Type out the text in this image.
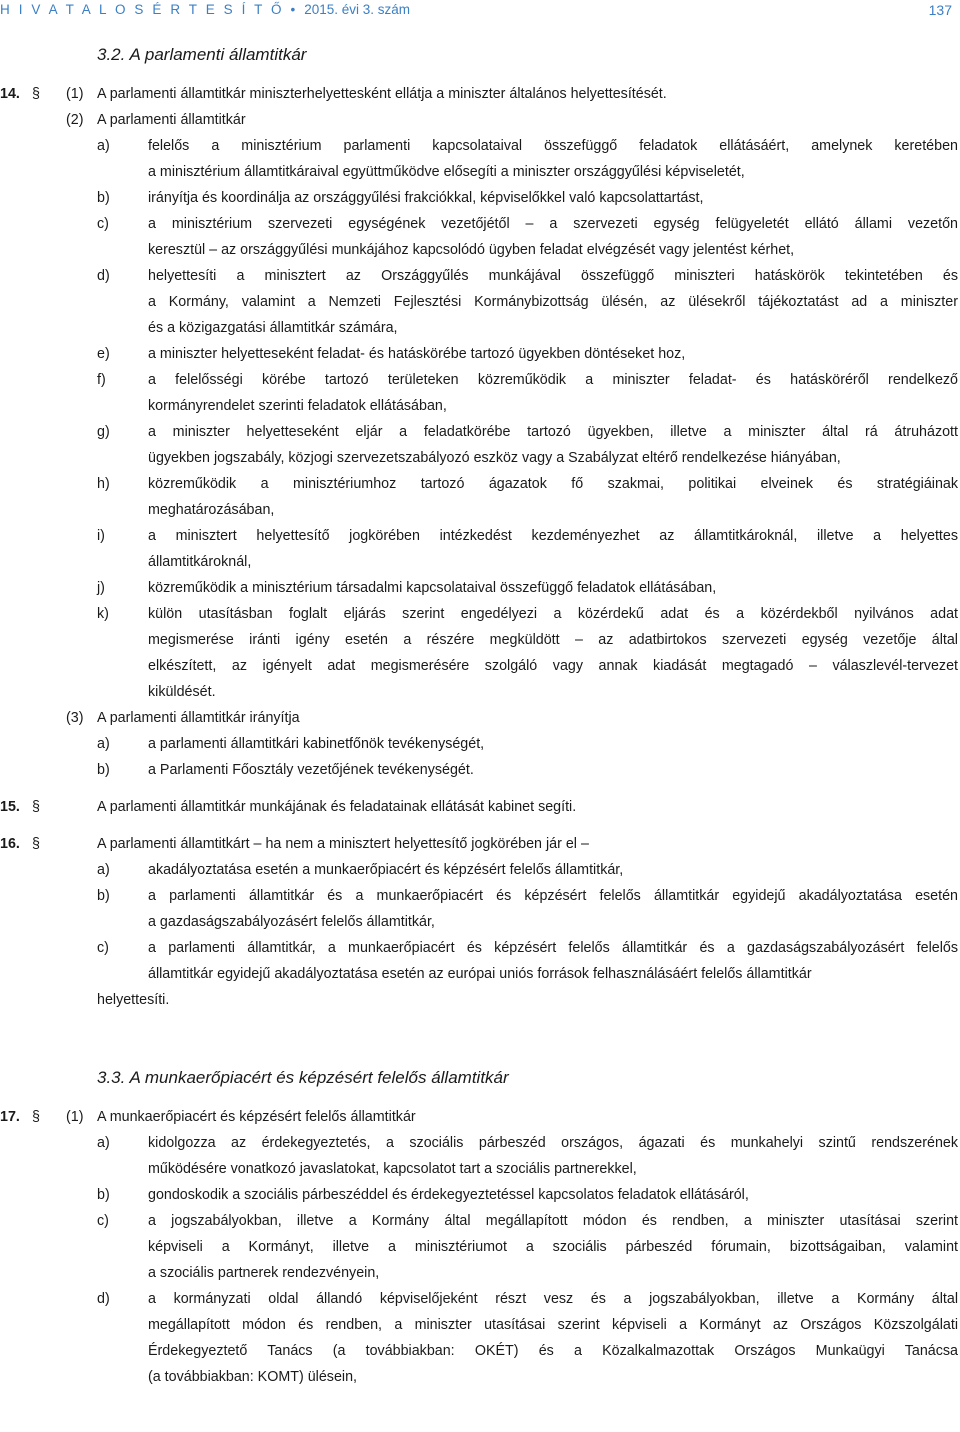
H I V A T A L O S É R T E S Í T Ő • 2015. évi 3. szám	137
3.2. A parlamenti államtitkár
14. § (1) A parlamenti államtitkár miniszterhelyettesként ellátja a miniszter általános helyettesítését.
(2) A parlamenti államtitkár
a)	felelős a minisztérium parlamenti kapcsolataival összefüggő feladatok ellátásáért, amelynek keretében
a minisztérium államtitkáraival együttműködve elősegíti a miniszter országgyűlési képviseletét,
b)	irányítja és koordinálja az országgyűlési frakciókkal, képviselőkkel való kapcsolattartást,
c)	a minisztérium szervezeti egységének vezetőjétől – a szervezeti egység felügyeletét ellátó állami vezetőn
keresztül – az országgyűlési munkájához kapcsolódó ügyben feladat elvégzését vagy jelentést kérhet,
d)	helyettesíti a minisztert az Országgyűlés munkájával összefüggő miniszteri hatáskörök tekintetében és
a Kormány, valamint a Nemzeti Fejlesztési Kormánybizottság ülésén, az ülésekről tájékoztatást ad a miniszter
és a közigazgatási államtitkár számára,
e)	a miniszter helyetteseként feladat- és hatáskörébe tartozó ügyekben döntéseket hoz,
f)	a felelősségi körébe tartozó területeken közreműködik a miniszter feladat- és hatásköréről rendelkező
kormányrendelet szerinti feladatok ellátásában,
g)	a miniszter helyetteseként eljár a feladatkörébe tartozó ügyekben, illetve a miniszter által rá átruházott
ügyekben jogszabály, közjogi szervezetszabályozó eszköz vagy a Szabályzat eltérő rendelkezése hiányában,
h)	közreműködik a minisztériumhoz tartozó ágazatok fő szakmai, politikai elveinek és stratégiáinak
meghatározásában,
i)	a minisztert helyettesítő jogkörében intézkedést kezdeményezhet az államtitkároknál, illetve a helyettes
államtitkároknál,
j)	közreműködik a minisztérium társadalmi kapcsolataival összefüggő feladatok ellátásában,
k)	külön utasításban foglalt eljárás szerint engedélyezi a közérdekű adat és a közérdekből nyilvános adat
megismerése iránti igény esetén a részére megküldött – az adatbirtokos szervezeti egység vezetője által
elkészített, az igényelt adat megismerésére szolgáló vagy annak kiadását megtagadó – válaszlevél-tervezet
kiküldését.
(3) A parlamenti államtitkár irányítja
a)	a parlamenti államtitkári kabinetfőnök tevékenységét,
b)	a Parlamenti Főosztály vezetőjének tevékenységét.
15. §	A parlamenti államtitkár munkájának és feladatainak ellátását kabinet segíti.
16. §	A parlamenti államtitkárt – ha nem a minisztert helyettesítő jogkörében jár el –
a)	akadályoztatása esetén a munkaerőpiacért és képzésért felelős államtitkár,
b)	a parlamenti államtitkár és a munkaerőpiacért és képzésért felelős államtitkár egyidejű akadályoztatása esetén
a gazdaságszabályozásért felelős államtitkár,
c)	a parlamenti államtitkár, a munkaerőpiacért és képzésért felelős államtitkár és a gazdaságszabályozásért felelős
államtitkár egyidejű akadályoztatása esetén az európai uniós források felhasználásáért felelős államtitkár
helyettesíti.
3.3. A munkaerőpiacért és képzésért felelős államtitkár
17. § (1) A munkaerőpiacért és képzésért felelős államtitkár
a)	kidolgozza az érdekegyeztetés, a szociális párbeszéd országos, ágazati és munkahelyi szintű rendszerének
működésére vonatkozó javaslatokat, kapcsolatot tart a szociális partnerekkel,
b)	gondoskodik a szociális párbeszéddel és érdekegyeztetéssel kapcsolatos feladatok ellátásáról,
c)	a jogszabályokban, illetve a Kormány által megállapított módon és rendben, a miniszter utasításai szerint
képviseli a Kormányt, illetve a minisztériumot a szociális párbeszéd fórumain, bizottságaiban, valamint
a szociális partnerek rendezvényein,
d)	a kormányzati oldal állandó képviselőjeként részt vesz és a jogszabályokban, illetve a Kormány által
megállapított módon és rendben, a miniszter utasításai szerint képviseli a Kormányt az Országos Közszolgálati
Érdekegyeztető Tanács (a továbbiakban: OKÉT) és a Közalkalmazottak Országos Munkaügyi Tanácsa
(a továbbiakban: KOMT) ülésein,
